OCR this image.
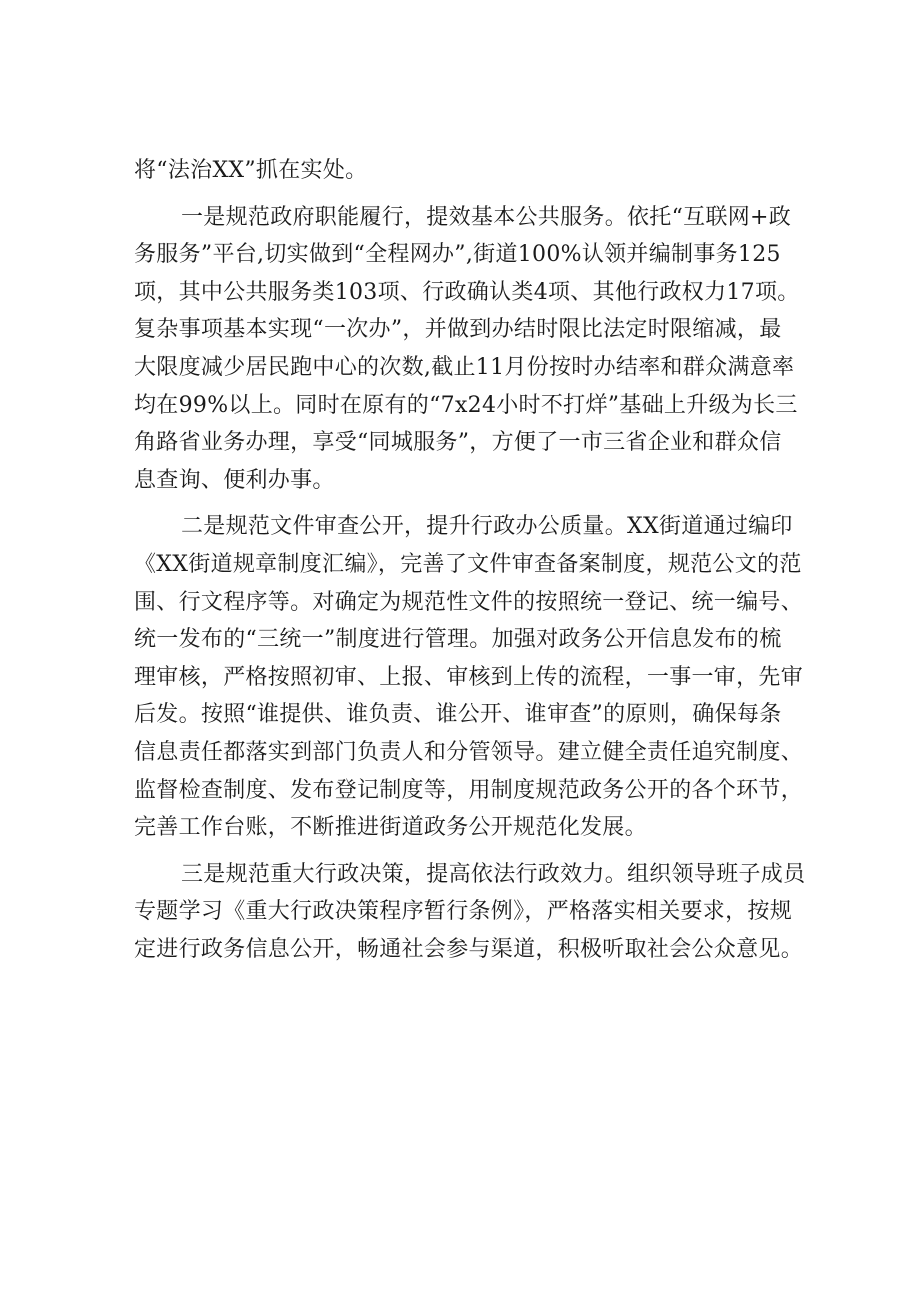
将“法治XX”抓在实处。
一是规范政府职能履行，提效基本公共服务。依托“互联网+政
务服务”平台,切实做到“全程网办”,街道100%认领并编制事务125
项，其中公共服务类103项、行政确认类4项、其他行政权力17项。
复杂事项基本实现“一次办”，并做到办结时限比法定时限缩减，最
大限度减少居民跑中心的次数,截止11月份按时办结率和群众满意率
均在99%以上。同时在原有的“7x24小时不打烊”基础上升级为长三
角路省业务办理，享受“同城服务”，方便了一市三省企业和群众信
息查询、便利办事。
二是规范文件审查公开，提升行政办公质量。XX街道通过编印
《XX街道规章制度汇编》，完善了文件审查备案制度，规范公文的范
围、行文程序等。对确定为规范性文件的按照统一登记、统一编号、
统一发布的“三统一”制度进行管理。加强对政务公开信息发布的梳
理审核，严格按照初审、上报、审核到上传的流程，一事一审，先审
后发。按照“谁提供、谁负责、谁公开、谁审查”的原则，确保每条
信息责任都落实到部门负责人和分管领导。建立健全责任追究制度、
监督检查制度、发布登记制度等，用制度规范政务公开的各个环节，
完善工作台账，不断推进街道政务公开规范化发展。
三是规范重大行政决策，提高依法行政效力。组织领导班子成员
专题学习《重大行政决策程序暂行条例》，严格落实相关要求，按规
定进行政务信息公开，畅通社会参与渠道，积极听取社会公众意见。
